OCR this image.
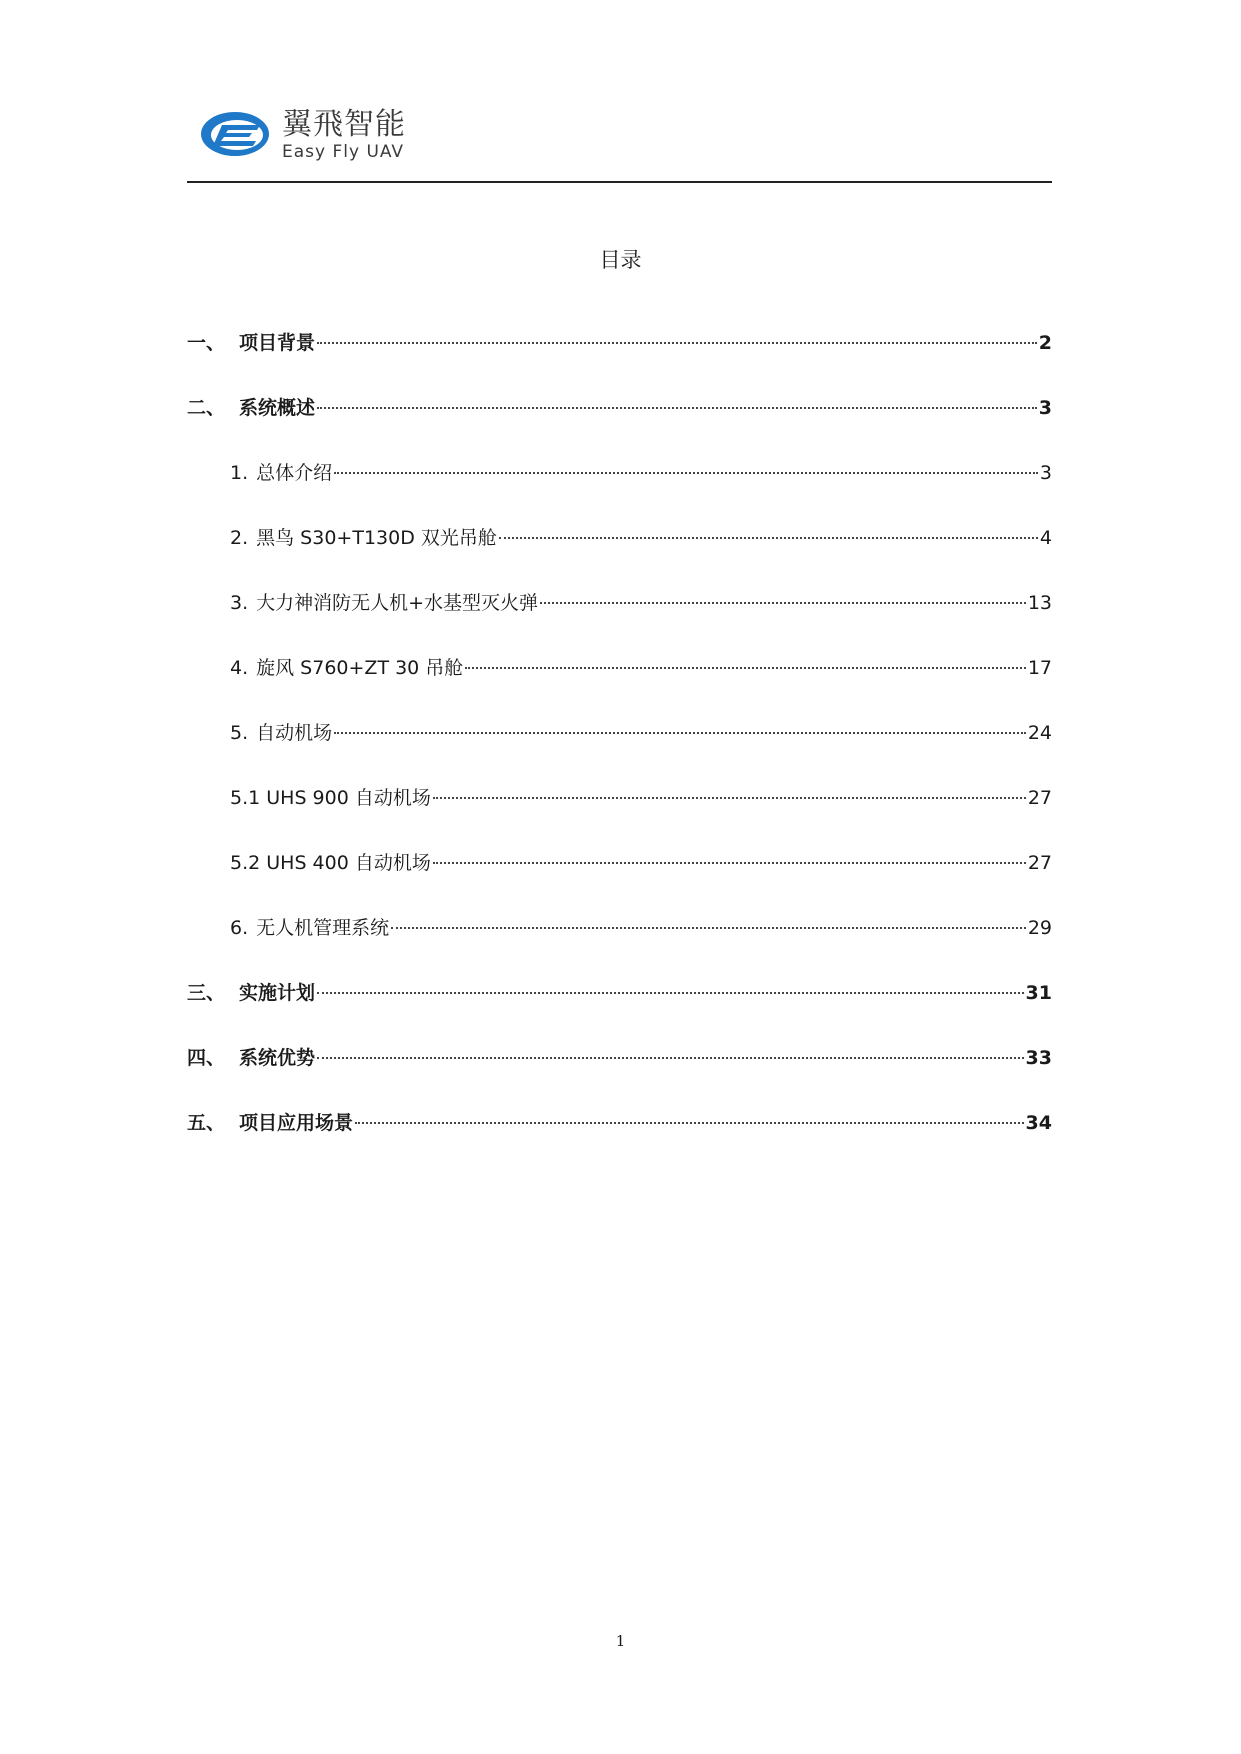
翼飛智能
Easy Fly UAV
目录
一、 项目背景	2
二、 系统概述	3
1. 总体介绍	3
2. 黑鸟 S30+T130D 双光吊舱	4
3. 大力神消防无人机+水基型灭火弹	13
4. 旋风 S760+ZT 30 吊舱	17
5. 自动机场	24
5.1 UHS 900 自动机场	27
5.2 UHS 400 自动机场	27
6. 无人机管理系统	29
三、 实施计划	31
四、 系统优势	33
五、 项目应用场景	34
1
